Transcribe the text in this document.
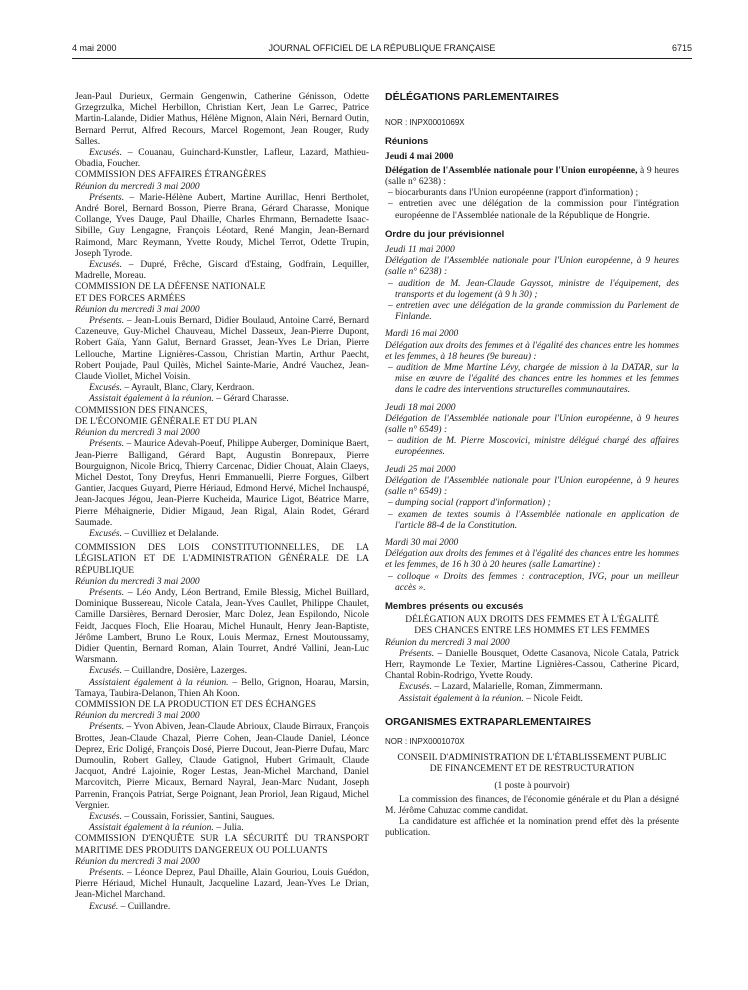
4 mai 2000	JOURNAL OFFICIEL DE LA RÉPUBLIQUE FRANÇAISE	6715

Jean-Paul Durieux, Germain Gengenwin, Catherine Génisson, Odette Grzegrzulka, Michel Herbillon, Christian Kert, Jean Le Garrec, Patrice Martin-Lalande, Didier Mathus, Hélène Mignon, Alain Néri, Bernard Outin, Bernard Perrut, Alfred Recours, Marcel Rogemont, Jean Rouger, Rudy Salles.

Excusés. – Couanau, Guinchard-Kunstler, Lafleur, Lazard, Mathieu-Obadia, Foucher.

COMMISSION DES AFFAIRES ÉTRANGÈRES

Réunion du mercredi 3 mai 2000

Présents. – Marie-Hélène Aubert, Martine Aurillac, Henri Bertholet, André Borel, Bernard Bosson, Pierre Brana, Gérard Charasse, Monique Collange, Yves Dauge, Paul Dhaille, Charles Ehrmann, Bernadette Isaac-Sibille, Guy Lengagne, François Léotard, René Mangin, Jean-Bernard Raimond, Marc Reymann, Yvette Roudy, Michel Terrot, Odette Trupin, Joseph Tyrode.

Excusés. – Dupré, Frêche, Giscard d'Estaing, Godfrain, Lequiller, Madrelle, Moreau.

COMMISSION DE LA DÉFENSE NATIONALE
ET DES FORCES ARMÉES

Réunion du mercredi 3 mai 2000

Présents. – Jean-Louis Bernard, Didier Boulaud, Antoine Carré, Bernard Cazeneuve, Guy-Michel Chauveau, Michel Dasseux, Jean-Pierre Dupont, Robert Gaïa, Yann Galut, Bernard Grasset, Jean-Yves Le Drian, Pierre Lellouche, Martine Lignières-Cassou, Christian Martin, Arthur Paecht, Robert Poujade, Paul Quilès, Michel Sainte-Marie, André Vauchez, Jean-Claude Viollet, Michel Voisin.

Excusés. – Ayrault, Blanc, Clary, Kerdraon.

Assistait également à la réunion. – Gérard Charasse.

COMMISSION DES FINANCES,
DE L'ÉCONOMIE GÉNÉRALE ET DU PLAN

Réunion du mercredi 3 mai 2000

Présents. – Maurice Adevah-Poeuf, Philippe Auberger, Dominique Baert, Jean-Pierre Balligand, Gérard Bapt, Augustin Bonrepaux, Pierre Bourguignon, Nicole Bricq, Thierry Carcenac, Didier Chouat, Alain Claeys, Michel Destot, Tony Dreyfus, Henri Emmanuelli, Pierre Forgues, Gilbert Gantier, Jacques Guyard, Pierre Hériaud, Edmond Hervé, Michel Inchauspé, Jean-Jacques Jégou, Jean-Pierre Kucheida, Maurice Ligot, Béatrice Marre, Pierre Méhaignerie, Didier Migaud, Jean Rigal, Alain Rodet, Gérard Saumade.

Excusés. – Cuvilliez et Delalande.

COMMISSION DES LOIS CONSTITUTIONNELLES, DE LA LÉGISLATION ET DE L'ADMINISTRATION GÉNÉRALE DE LA RÉPUBLIQUE

Réunion du mercredi 3 mai 2000

Présents. – Léo Andy, Léon Bertrand, Emile Blessig, Michel Buillard, Dominique Bussereau, Nicole Catala, Jean-Yves Caullet, Philippe Chaulet, Camille Darsières, Bernard Derosier, Marc Dolez, Jean Espilondo, Nicole Feidt, Jacques Floch, Elie Hoarau, Michel Hunault, Henry Jean-Baptiste, Jérôme Lambert, Bruno Le Roux, Louis Mermaz, Ernest Moutoussamy, Didier Quentin, Bernard Roman, Alain Tourret, André Vallini, Jean-Luc Warsmann.

Excusés. – Cuillandre, Dosière, Lazerges.

Assistaient également à la réunion. – Bello, Grignon, Hoarau, Marsin, Tamaya, Taubira-Delanon, Thien Ah Koon.

COMMISSION DE LA PRODUCTION ET DES ÉCHANGES

Réunion du mercredi 3 mai 2000

Présents. – Yvon Abiven, Jean-Claude Abrioux, Claude Birraux, François Brottes, Jean-Claude Chazal, Pierre Cohen, Jean-Claude Daniel, Léonce Deprez, Eric Doligé, François Dosé, Pierre Ducout, Jean-Pierre Dufau, Marc Dumoulin, Robert Galley, Claude Gatignol, Hubert Grimault, Claude Jacquot, André Lajoinie, Roger Lestas, Jean-Michel Marchand, Daniel Marcovitch, Pierre Micaux, Bernard Nayral, Jean-Marc Nudant, Joseph Parrenin, François Patriat, Serge Poignant, Jean Proriol, Jean Rigaud, Michel Vergnier.

Excusés. – Coussain, Forissier, Santini, Saugues.

Assistait également à la réunion. – Julia.

COMMISSION D'ENQUÊTE SUR LA SÉCURITÉ DU TRANSPORT MARITIME DES PRODUITS DANGEREUX OU POLLUANTS

Réunion du mercredi 3 mai 2000

Présents. – Léonce Deprez, Paul Dhaille, Alain Gouriou, Louis Guédon, Pierre Hériaud, Michel Hunault, Jacqueline Lazard, Jean-Yves Le Drian, Jean-Michel Marchand.

Excusé. – Cuillandre.

DÉLÉGATIONS PARLEMENTAIRES

NOR : INPX0001069X

Réunions

Jeudi 4 mai 2000

Délégation de l'Assemblée nationale pour l'Union européenne, à 9 heures (salle n° 6238) :

– biocarburants dans l'Union européenne (rapport d'information) ;

– entretien avec une délégation de la commission pour l'intégration européenne de l'Assemblée nationale de la République de Hongrie.

Ordre du jour prévisionnel

Jeudi 11 mai 2000

Délégation de l'Assemblée nationale pour l'Union européenne, à 9 heures (salle n° 6238) :

– audition de M. Jean-Claude Gayssot, ministre de l'équipement, des transports et du logement (à 9 h 30) ;

– entretien avec une délégation de la grande commission du Parlement de Finlande.

Mardi 16 mai 2000

Délégation aux droits des femmes et à l'égalité des chances entre les hommes et les femmes, à 18 heures (9e bureau) :

– audition de Mme Martine Lévy, chargée de mission à la DATAR, sur la mise en œuvre de l'égalité des chances entre les hommes et les femmes dans le cadre des interventions structurelles communautaires.

Jeudi 18 mai 2000

Délégation de l'Assemblée nationale pour l'Union européenne, à 9 heures (salle n° 6549) :

– audition de M. Pierre Moscovici, ministre délégué chargé des affaires européennes.

Jeudi 25 mai 2000

Délégation de l'Assemblée nationale pour l'Union européenne, à 9 heures (salle n° 6549) :

– dumping social (rapport d'information) ;

– examen de textes soumis à l'Assemblée nationale en application de l'article 88-4 de la Constitution.

Mardi 30 mai 2000

Délégation aux droits des femmes et à l'égalité des chances entre les hommes et les femmes, de 16 h 30 à 20 heures (salle Lamartine) :

– colloque « Droits des femmes : contraception, IVG, pour un meilleur accès ».

Membres présents ou excusés

DÉLÉGATION AUX DROITS DES FEMMES ET À L'ÉGALITÉ
DES CHANCES ENTRE LES HOMMES ET LES FEMMES

Réunion du mercredi 3 mai 2000

Présents. – Danielle Bousquet, Odette Casanova, Nicole Catala, Patrick Herr, Raymonde Le Texier, Martine Lignières-Cassou, Catherine Picard, Chantal Robin-Rodrigo, Yvette Roudy.

Excusés. – Lazard, Malarielle, Roman, Zimmermann.

Assistait également à la réunion. – Nicole Feidt.

ORGANISMES EXTRAPARLEMENTAIRES

NOR : INPX0001070X

CONSEIL D'ADMINISTRATION DE L'ÉTABLISSEMENT PUBLIC
DE FINANCEMENT ET DE RESTRUCTURATION

(1 poste à pourvoir)

La commission des finances, de l'économie générale et du Plan a désigné M. Jérôme Cahuzac comme candidat.

La candidature est affichée et la nomination prend effet dès la présente publication.
